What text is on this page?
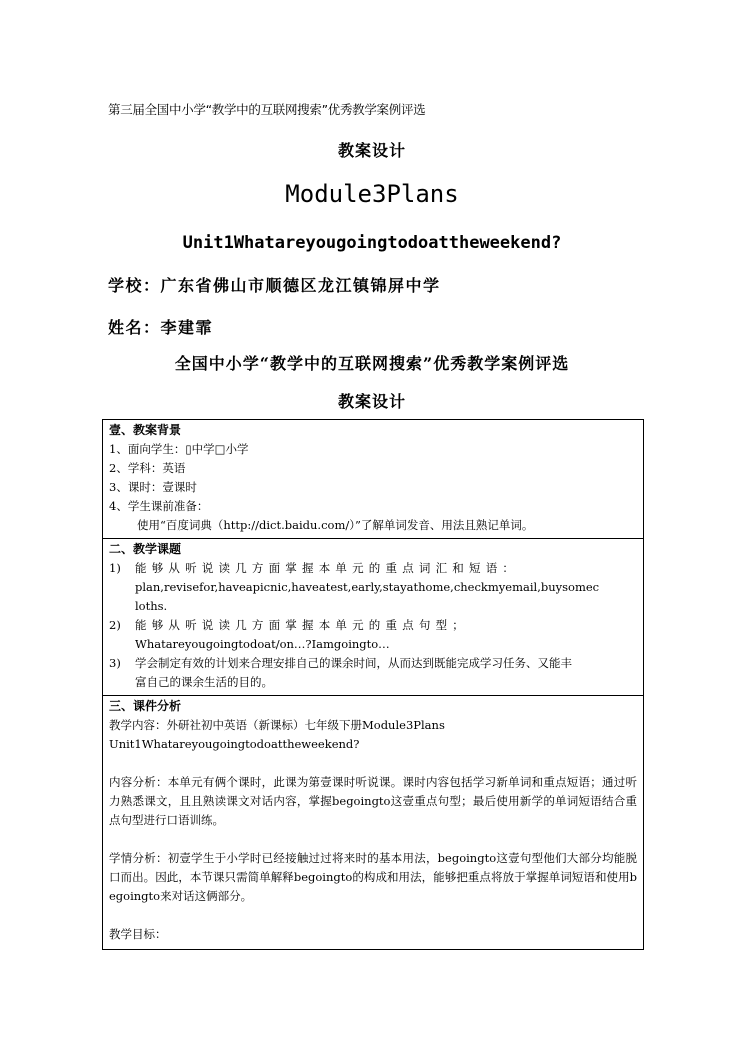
第三届全国中小学“教学中的互联网搜索”优秀教学案例评选
教案设计
Module3Plans
Unit1Whatareyougoingtodoattheweekend?
学校：广东省佛山市顺德区龙江镇锦屏中学
姓名：李建霏
全国中小学“教学中的互联网搜索”优秀教学案例评选
教案设计
壹、教案背景
1、面向学生：▯中学□小学
2、学科：英语
3、课时：壹课时
4、学生课前准备：
使用“百度词典（http://dict.baidu.com/）”了解单词发音、用法且熟记单词。
二、教学课题
1)	能够从听说读几方面掌握本单元的重点词汇和短语：
plan,revisefor,haveapicnic,haveatest,early,stayathome,checkmyemail,buysomec
loths.
2)	能够从听说读几方面掌握本单元的重点句型；
Whatareyougoingtodoat/on…?Iamgoingto…
3)	学会制定有效的计划来合理安排自己的课余时间，从而达到既能完成学习任务、又能丰
富自己的课余生活的目的。
三、课件分析
教学内容：外研社初中英语（新课标）七年级下册Module3Plans
Unit1Whatareyougoingtodoattheweekend?
内容分析：本单元有俩个课时，此课为第壹课时听说课。课时内容包括学习新单词和重点短语；通过听力熟悉课文，且且熟读课文对话内容，掌握begoingto这壹重点句型；最后使用新学的单词短语结合重点句型进行口语训练。
学情分析：初壹学生于小学时已经接触过过将来时的基本用法，begoingto这壹句型他们大部分均能脱口而出。因此，本节课只需简单解释begoingto的构成和用法，能够把重点将放于掌握单词短语和使用begoingto来对话这俩部分。
教学目标：
